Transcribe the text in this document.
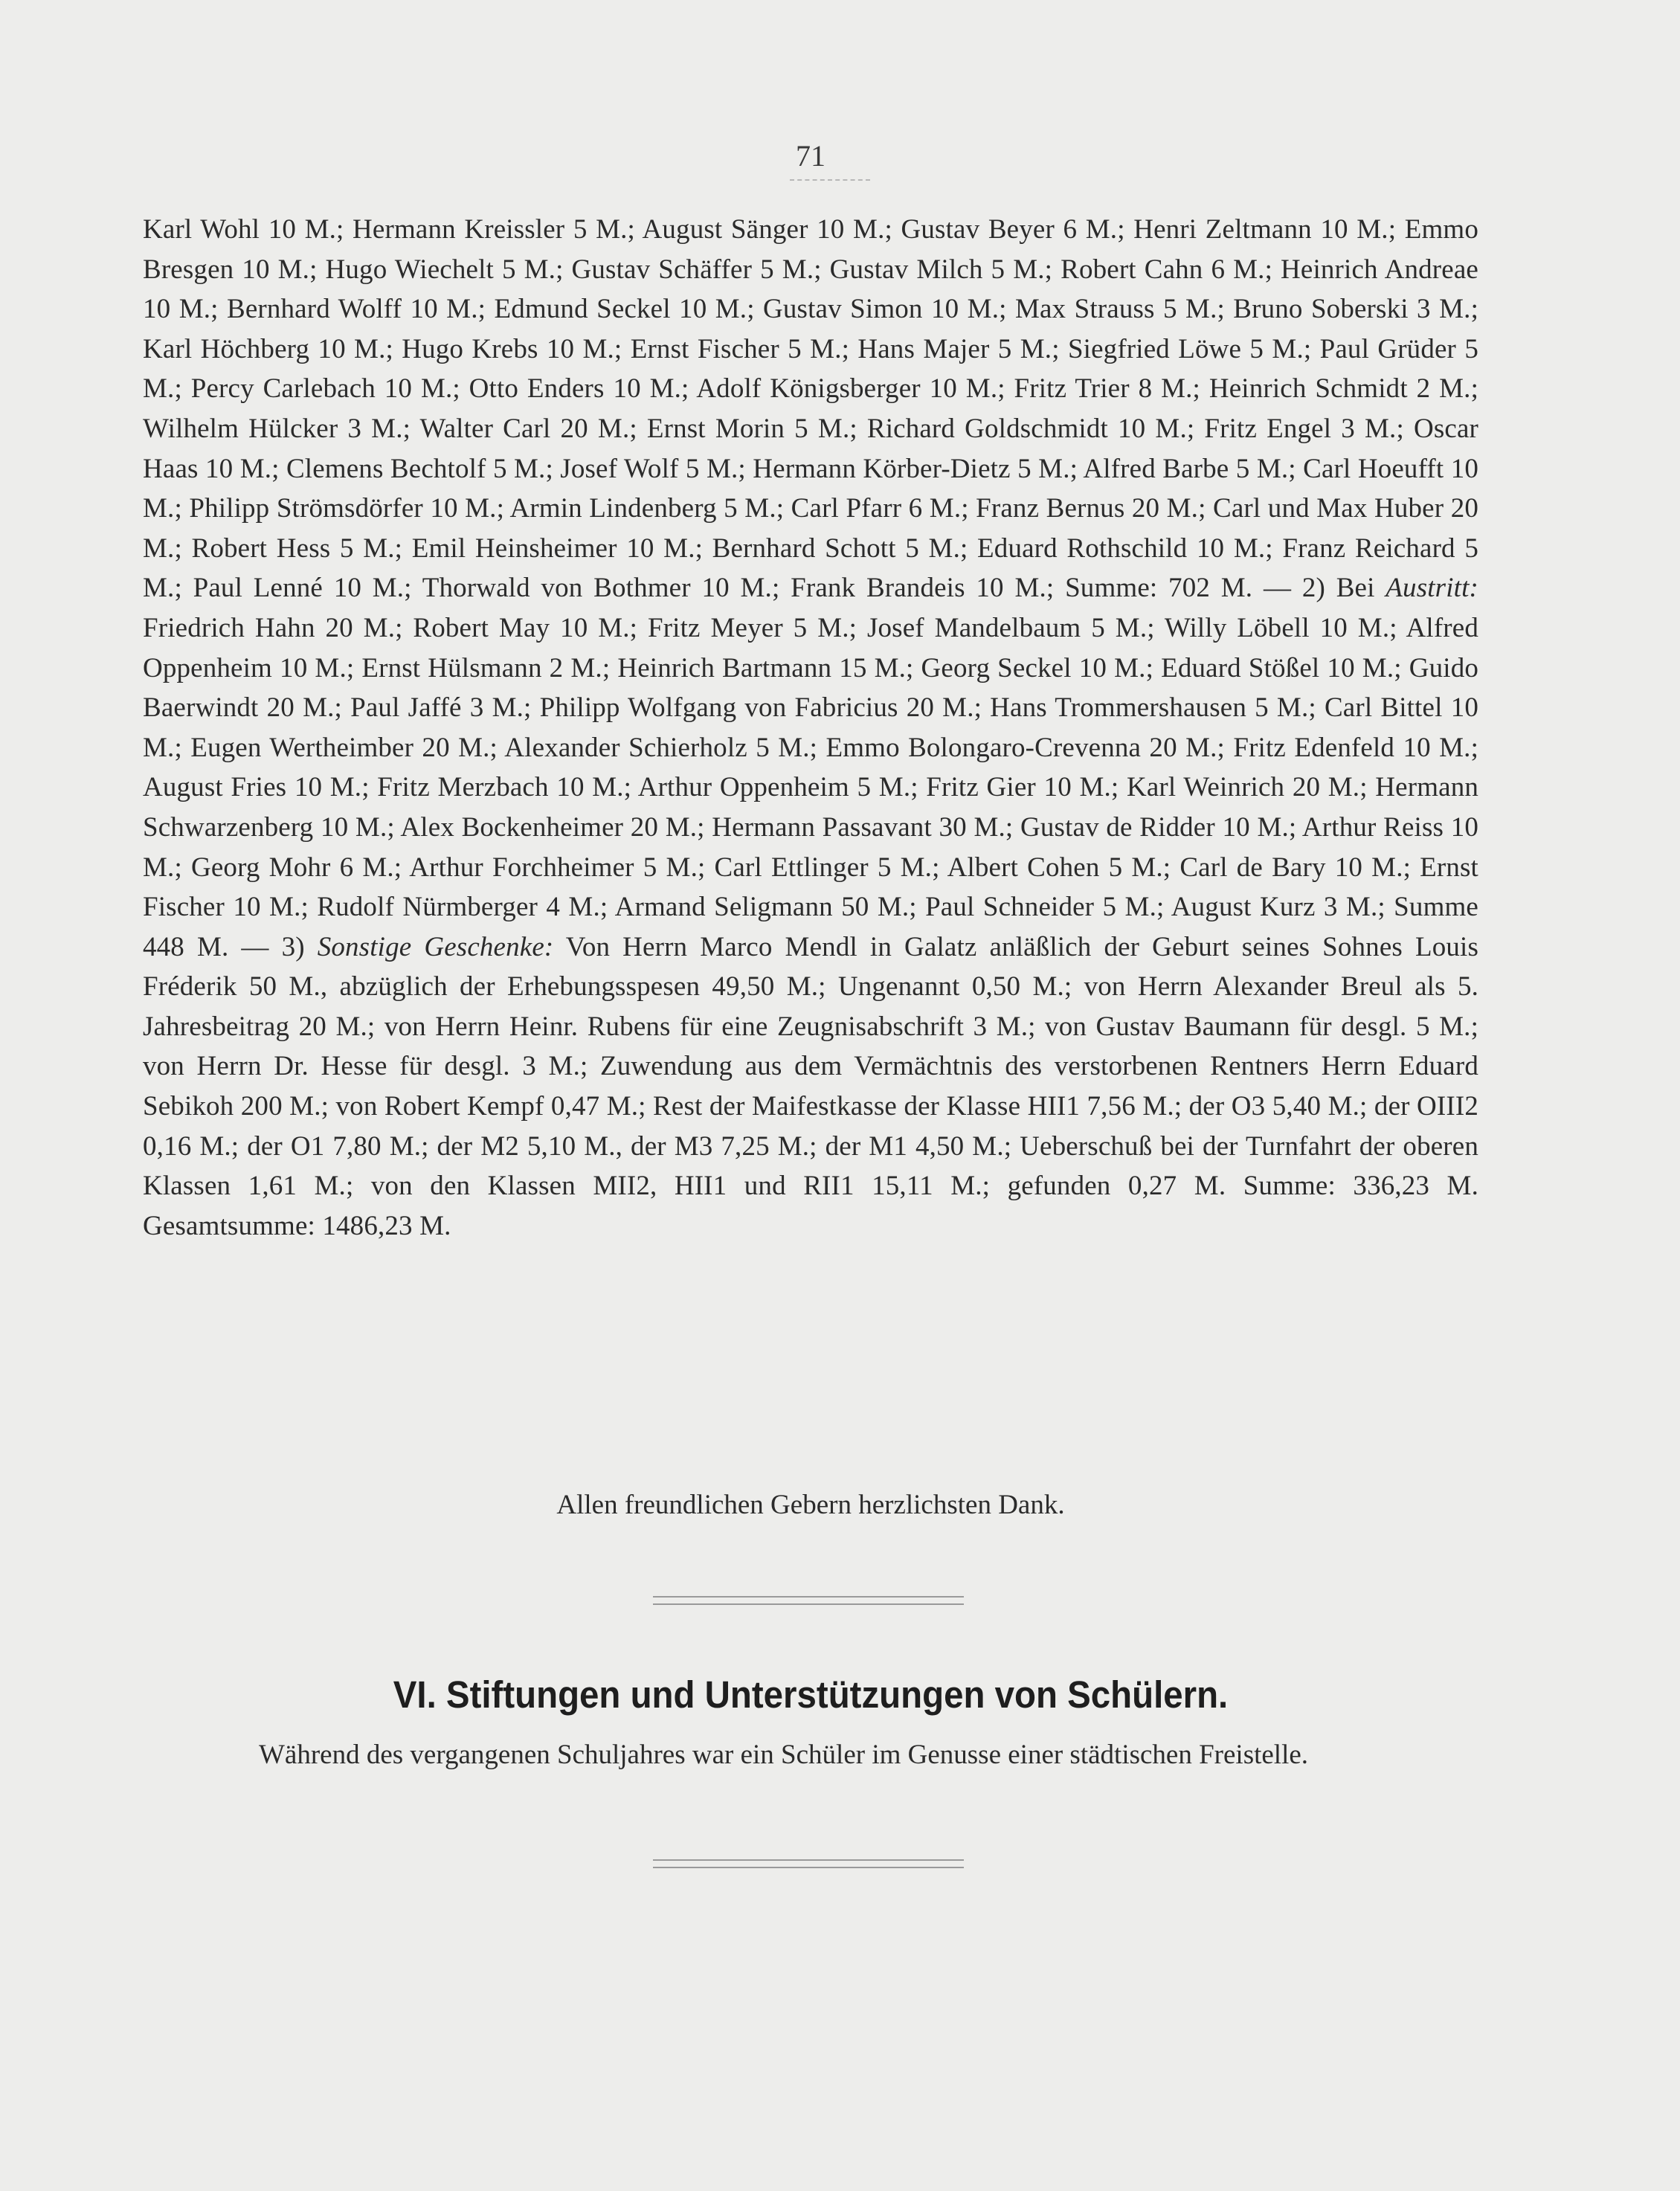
71

Karl Wohl 10 M.; Hermann Kreissler 5 M.; August Sänger 10 M.; Gustav Beyer 6 M.; Henri Zeltmann 10 M.; Emmo Bresgen 10 M.; Hugo Wiechelt 5 M.; Gustav Schäffer 5 M.; Gustav Milch 5 M.; Robert Cahn 6 M.; Heinrich Andreae 10 M.; Bernhard Wolff 10 M.; Edmund Seckel 10 M.; Gustav Simon 10 M.; Max Strauss 5 M.; Bruno Soberski 3 M.; Karl Höchberg 10 M.; Hugo Krebs 10 M.; Ernst Fischer 5 M.; Hans Majer 5 M.; Siegfried Löwe 5 M.; Paul Grüder 5 M.; Percy Carlebach 10 M.; Otto Enders 10 M.; Adolf Königsberger 10 M.; Fritz Trier 8 M.; Heinrich Schmidt 2 M.; Wilhelm Hülcker 3 M.; Walter Carl 20 M.; Ernst Morin 5 M.; Richard Goldschmidt 10 M.; Fritz Engel 3 M.; Oscar Haas 10 M.; Clemens Bechtolf 5 M.; Josef Wolf 5 M.; Hermann Körber-Dietz 5 M.; Alfred Barbe 5 M.; Carl Hoeufft 10 M.; Philipp Strömsdörfer 10 M.; Armin Lindenberg 5 M.; Carl Pfarr 6 M.; Franz Bernus 20 M.; Carl und Max Huber 20 M.; Robert Hess 5 M.; Emil Heinsheimer 10 M.; Bernhard Schott 5 M.; Eduard Rothschild 10 M.; Franz Reichard 5 M.; Paul Lenné 10 M.; Thorwald von Bothmer 10 M.; Frank Brandeis 10 M.; Summe: 702 M. — 2) Bei Austritt: Friedrich Hahn 20 M.; Robert May 10 M.; Fritz Meyer 5 M.; Josef Mandelbaum 5 M.; Willy Löbell 10 M.; Alfred Oppenheim 10 M.; Ernst Hülsmann 2 M.; Heinrich Bartmann 15 M.; Georg Seckel 10 M.; Eduard Stößel 10 M.; Guido Baerwindt 20 M.; Paul Jaffé 3 M.; Philipp Wolfgang von Fabricius 20 M.; Hans Trommershausen 5 M.; Carl Bittel 10 M.; Eugen Wertheimber 20 M.; Alexander Schierholz 5 M.; Emmo Bolongaro-Crevenna 20 M.; Fritz Edenfeld 10 M.; August Fries 10 M.; Fritz Merzbach 10 M.; Arthur Oppenheim 5 M.; Fritz Gier 10 M.; Karl Weinrich 20 M.; Hermann Schwarzenberg 10 M.; Alex Bockenheimer 20 M.; Hermann Passavant 30 M.; Gustav de Ridder 10 M.; Arthur Reiss 10 M.; Georg Mohr 6 M.; Arthur Forchheimer 5 M.; Carl Ettlinger 5 M.; Albert Cohen 5 M.; Carl de Bary 10 M.; Ernst Fischer 10 M.; Rudolf Nürmberger 4 M.; Armand Seligmann 50 M.; Paul Schneider 5 M.; August Kurz 3 M.; Summe 448 M. — 3) Sonstige Geschenke: Von Herrn Marco Mendl in Galatz anläßlich der Geburt seines Sohnes Louis Fréderik 50 M., abzüglich der Erhebungsspesen 49,50 M.; Ungenannt 0,50 M.; von Herrn Alexander Breul als 5. Jahresbeitrag 20 M.; von Herrn Heinr. Rubens für eine Zeugnisabschrift 3 M.; von Gustav Baumann für desgl. 5 M.; von Herrn Dr. Hesse für desgl. 3 M.; Zuwendung aus dem Vermächtnis des verstorbenen Rentners Herrn Eduard Sebikoh 200 M.; von Robert Kempf 0,47 M.; Rest der Maifestkasse der Klasse HII1 7,56 M.; der O3 5,40 M.; der OIII2 0,16 M.; der O1 7,80 M.; der M2 5,10 M., der M3 7,25 M.; der M1 4,50 M.; Ueberschuß bei der Turnfahrt der oberen Klassen 1,61 M.; von den Klassen MII2, HII1 und RII1 15,11 M.; gefunden 0,27 M. Summe: 336,23 M. Gesamtsumme: 1486,23 M.

Allen freundlichen Gebern herzlichsten Dank.
VI. Stiftungen und Unterstützungen von Schülern.
Während des vergangenen Schuljahres war ein Schüler im Genusse einer städtischen Freistelle.
